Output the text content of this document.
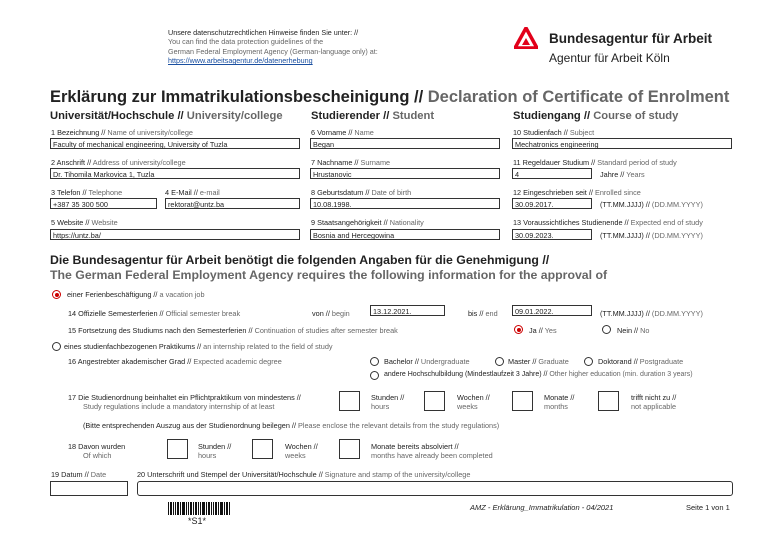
Unsere datenschutzrechtlichen Hinweise finden Sie unter: //
You can find the data protection guidelines of the
German Federal Employment Agency (German-language only) at:
https://www.arbeitsagentur.de/datenerhebung
Bundesagentur für Arbeit
Agentur für Arbeit Köln
Erklärung zur Immatrikulationsbescheinigung // Declaration of Certificate of Enrolment
Universität/Hochschule // University/college	Studierender // Student	Studiengang // Course of study
1 Bezeichnung // Name of university/college
Faculty of mechanical engineering, University of Tuzla
2 Anschrift // Address of university/college
Dr. Tihomila Markovica 1, Tuzla
3 Telefon // Telephone	4 E-Mail // e-mail
+387 35 300 500	rektorat@untz.ba
5 Website // Website
https://untz.ba/
6 Vorname // Name
Began
7 Nachname // Surname
Hrustanovic
8 Geburtsdatum // Date of birth
10.08.1998.
9 Staatsangehörigkeit // Nationality
Bosnia and Hercegowina
10 Studienfach // Subject
Mechatronics engineering
11 Regeldauer Studium // Standard period of study
4	Jahre // Years
12 Eingeschrieben seit // Enrolled since
30.09.2017.	(TT.MM.JJJJ) // (DD.MM.YYYY)
13 Voraussichtliches Studienende // Expected end of study
30.09.2023.	(TT.MM.JJJJ) // (DD.MM.YYYY)
Die Bundesagentur für Arbeit benötigt die folgenden Angaben für die Genehmigung //
The German Federal Employment Agency requires the following information for the approval of
einer Ferienbeschäftigung // a vacation job
14 Offizielle Semesterferien // Official semester break	von // begin	13.12.2021.	bis // end	09.01.2022.	(TT.MM.JJJJ) // (DD.MM.YYYY)
15 Fortsetzung des Studiums nach den Semesterferien // Continuation of studies after semester break	Ja // Yes	Nein // No
eines studienfachbezogenen Praktikums // an internship related to the field of study
16 Angestrebter akademischer Grad // Expected academic degree	Bachelor // Undergraduate	Master // Graduate	Doktorand // Postgraduate
andere Hochschulbildung (Mindestlaufzeit 3 Jahre) // Other higher education (min. duration 3 years)
17 Die Studienordnung beinhaltet ein Pflichtpraktikum von mindestens //
Study regulations include a mandatory internship of at least
Stunden //
hours
Wochen //
weeks
Monate //
months
trifft nicht zu //
not applicable
(Bitte entsprechenden Auszug aus der Studienordnung beilegen // Please enclose the relevant details from the study regulations)
18 Davon wurden
Of which
Stunden //
hours
Wochen //
weeks
Monate bereits absolviert //
months have already been completed
19 Datum // Date	20 Unterschrift und Stempel der Universität/Hochschule // Signature and stamp of the university/college
*S1*
AMZ - Erklärung_Immatrikulation - 04/2021	Seite 1 von 1
